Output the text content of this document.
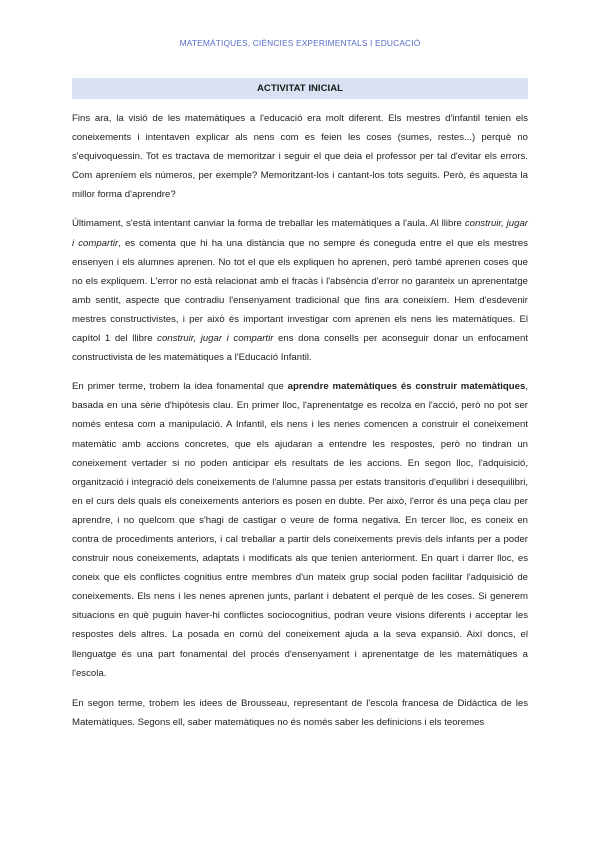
MATEMÀTIQUES, CIÈNCIES EXPERIMENTALS I EDUCACIÓ
ACTIVITAT INICIAL

Fins ara, la visió de les matemàtiques a l'educació era molt diferent. Els mestres d'infantil tenien els coneixements i intentaven explicar als nens com es feien les coses (sumes, restes...) perquè no s'equivoquessin. Tot es tractava de memoritzar i seguir el que deia el professor per tal d'evitar els errors. Com apreníem els números, per exemple? Memoritzant-los i cantant-los tots seguits. Però, és aquesta la millor forma d'aprendre?

Últimament, s'està intentant canviar la forma de treballar les matemàtiques a l'aula. Al llibre construir, jugar i compartir, es comenta que hi ha una distància que no sempre és coneguda entre el que els mestres ensenyen i els alumnes aprenen. No tot el que els expliquen ho aprenen, però també aprenen coses que no els expliquem. L'error no està relacionat amb el fracàs i l'absència d'error no garanteix un aprenentatge amb sentit, aspecte que contradiu l'ensenyament tradicional que fins ara coneixíem. Hem d'esdevenir mestres constructivistes, i per això és important investigar com aprenen els nens les matemàtiques. El capítol 1 del llibre construir, jugar i compartir ens dona consells per aconseguir donar un enfocament constructivista de les matemàtiques a l'Educació Infantil.

En primer terme, trobem la idea fonamental que aprendre matemàtiques és construir matemàtiques, basada en una sèrie d'hipòtesis clau. En primer lloc, l'aprenentatge es recolza en l'acció, però no pot ser només entesa com a manipulació. A Infantil, els nens i les nenes comencen a construir el coneixement matemàtic amb accions concretes, que els ajudaran a entendre les respostes, però no tindran un coneixement vertader si no poden anticipar els resultats de les accions. En segon lloc, l'adquisició, organització i integració dels coneixements de l'alumne passa per estats transitoris d'equilibri i desequilibri, en el curs dels quals els coneixements anteriors es posen en dubte. Per això, l'error és una peça clau per aprendre, i no quelcom que s'hagi de castigar o veure de forma negativa. En tercer lloc, es coneix en contra de procediments anteriors, i cal treballar a partir dels coneixements previs dels infants per a poder construir nous coneixements, adaptats i modificats als que tenien anteriorment. En quart i darrer lloc, es coneix que els conflictes cognitius entre membres d'un mateix grup social poden facilitar l'adquisició de coneixements. Els nens i les nenes aprenen junts, parlant i debatent el perquè de les coses. Si generem situacions en què puguin haver-hi conflictes sociocognitius, podran veure visions diferents i acceptar les respostes dels altres. La posada en comú del coneixement ajuda a la seva expansió. Així doncs, el llenguatge és una part fonamental del procés d'ensenyament i aprenentatge de les matemàtiques a l'escola.

En segon terme, trobem les idees de Brousseau, representant de l'escola francesa de Didàctica de les Matemàtiques. Segons ell, saber matemàtiques no és només saber les definicions i els teoremes
